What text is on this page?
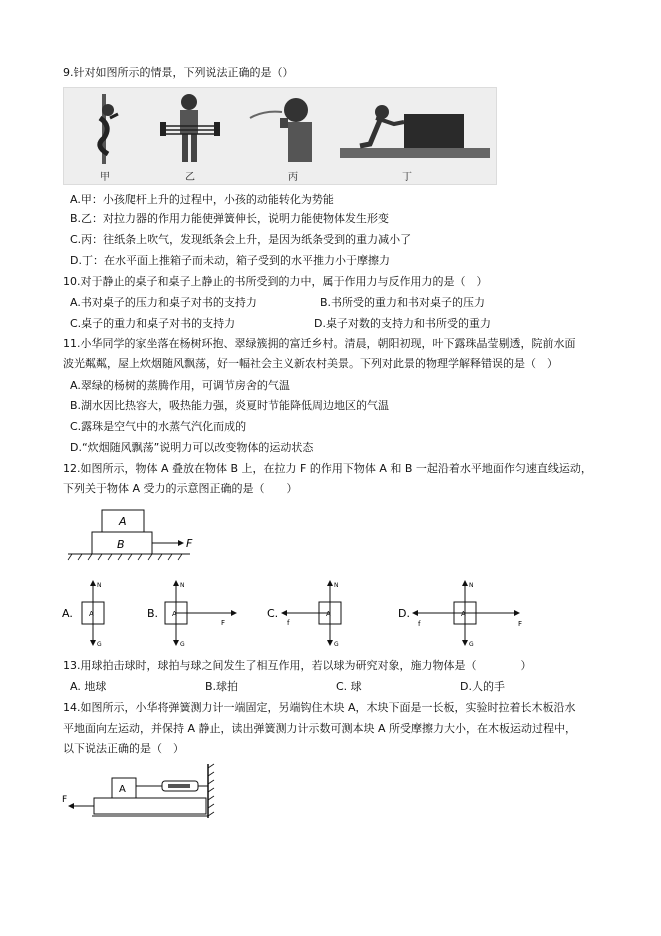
9.针对如图所示的情景，下列说法正确的是（）
甲	乙	丙	丁
A.甲：小孩爬杆上升的过程中，小孩的动能转化为势能
B.乙：对拉力器的作用力能使弹簧伸长，说明力能使物体发生形变
C.丙：往纸条上吹气，发现纸条会上升，是因为纸条受到的重力减小了
D.丁：在水平面上推箱子而未动，箱子受到的水平推力小于摩擦力
10.对于静止的桌子和桌子上静止的书所受到的力中，属于作用力与反作用力的是（　）
A.书对桌子的压力和桌子对书的支持力	B.书所受的重力和书对桌子的压力
C.桌子的重力和桌子对书的支持力	D.桌子对数的支持力和书所受的重力
11.小华同学的家坐落在杨树环抱、翠绿簇拥的富迁乡村。清晨，朝阳初现，叶下露珠晶莹剔透，院前水面
波光粼粼，屋上炊烟随风飘荡，好一幅社会主义新农村美景。下列对此景的物理学解释错误的是（　）
A.翠绿的杨树的蒸腾作用，可调节房舍的气温
B.湖水因比热容大，吸热能力强，炎夏时节能降低周边地区的气温
C.露珠是空气中的水蒸气汽化而成的
D.“炊烟随风飘荡”说明力可以改变物体的运动状态
12.如图所示，物体 A 叠放在物体 B 上，在拉力 F 的作用下物体 A 和 B 一起沿着水平地面作匀速直线运动，
下列关于物体 A 受力的示意图正确的是（　　）
A
B	F
A. A
N
G
B. A
N
G
F
C.	A
N
G
f
D.	A
N
G
f	F
13.用球拍击球时，球拍与球之间发生了相互作用，若以球为研究对象，施力物体是（　　　　）
A. 地球	B.球拍	C. 球	D.人的手
14.如图所示，小华将弹簧测力计一端固定，另端钩住木块 A，木块下面是一长板，实验时拉着长木板沿水
平地面向左运动，并保持 A 静止，读出弹簧测力计示数可测本块 A 所受摩擦力大小，在木板运动过程中，
以下说法正确的是（　）
A
F
